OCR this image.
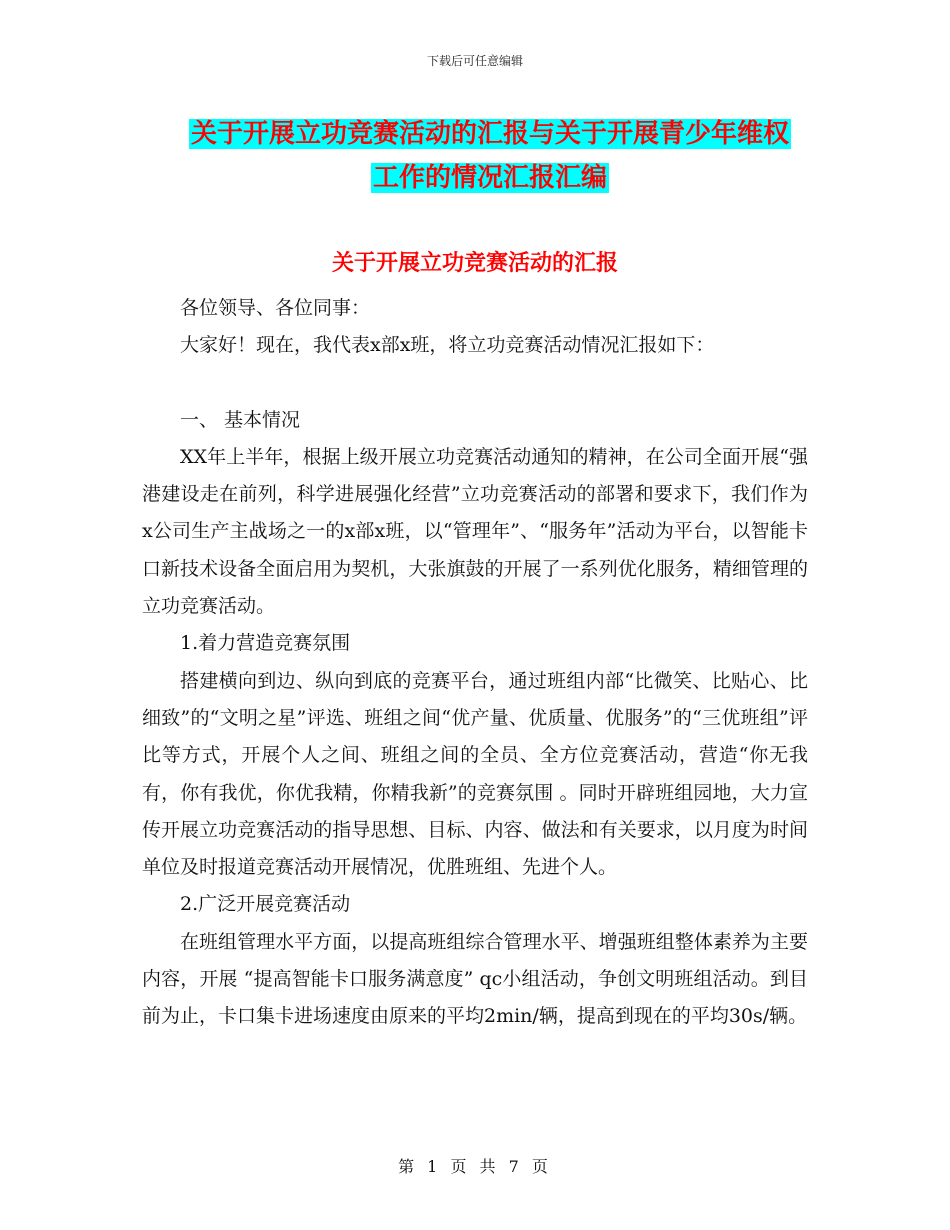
下载后可任意编辑
关于开展立功竞赛活动的汇报与关于开展青少年维权
工作的情况汇报汇编
关于开展立功竞赛活动的汇报

各位领导、各位同事：

大家好！现在，我代表x部x班，将立功竞赛活动情况汇报如下：

一、 基本情况

XX年上半年，根据上级开展立功竞赛活动通知的精神，在公司全面开展“强港建设走在前列，科学进展强化经营”立功竞赛活动的部署和要求下，我们作为x公司生产主战场之一的x部x班，以“管理年”、“服务年”活动为平台，以智能卡口新技术设备全面启用为契机，大张旗鼓的开展了一系列优化服务，精细管理的立功竞赛活动。

1.着力营造竞赛氛围

搭建横向到边、纵向到底的竞赛平台，通过班组内部“比微笑、比贴心、比细致”的“文明之星”评选、班组之间“优产量、优质量、优服务”的“三优班组”评比等方式，开展个人之间、班组之间的全员、全方位竞赛活动，营造“你无我有，你有我优，你优我精，你精我新”的竞赛氛围 。同时开辟班组园地，大力宣传开展立功竞赛活动的指导思想、目标、内容、做法和有关要求，以月度为时间单位及时报道竞赛活动开展情况，优胜班组、先进个人。

2.广泛开展竞赛活动

在班组管理水平方面，以提高班组综合管理水平、增强班组整体素养为主要内容，开展 “提高智能卡口服务满意度” qc小组活动，争创文明班组活动。到目前为止，卡口集卡进场速度由原来的平均2min/辆，提高到现在的平均30s/辆。

第 1 页 共 7 页
